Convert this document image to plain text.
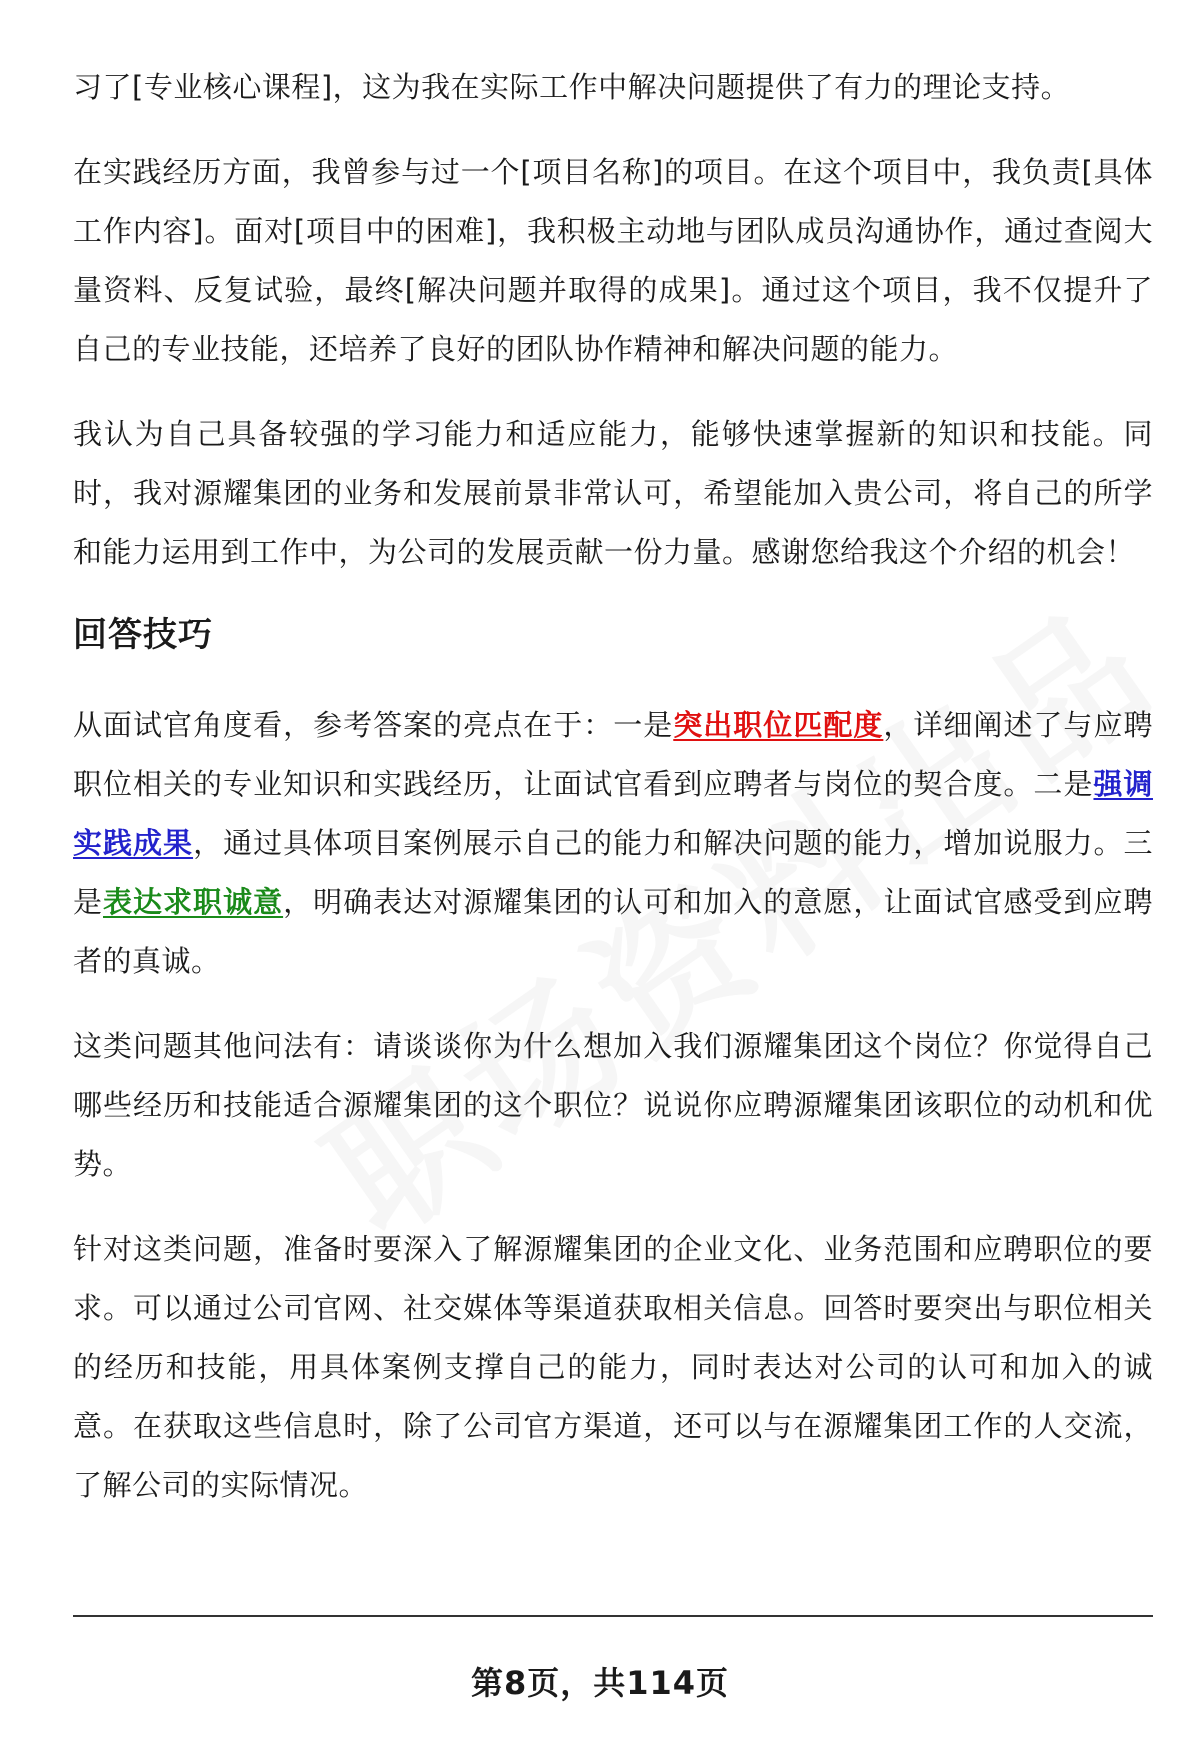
习了[专业核心课程]，这为我在实际工作中解决问题提供了有力的理论支持。

在实践经历方面，我曾参与过一个[项目名称]的项目。在这个项目中，我负责[具体工作内容]。面对[项目中的困难]，我积极主动地与团队成员沟通协作，通过查阅大量资料、反复试验，最终[解决问题并取得的成果]。通过这个项目，我不仅提升了自己的专业技能，还培养了良好的团队协作精神和解决问题的能力。

我认为自己具备较强的学习能力和适应能力，能够快速掌握新的知识和技能。同时，我对源耀集团的业务和发展前景非常认可，希望能加入贵公司，将自己的所学和能力运用到工作中，为公司的发展贡献一份力量。感谢您给我这个介绍的机会！

回答技巧

从面试官角度看，参考答案的亮点在于：一是突出职位匹配度，详细阐述了与应聘职位相关的专业知识和实践经历，让面试官看到应聘者与岗位的契合度。二是强调实践成果，通过具体项目案例展示自己的能力和解决问题的能力，增加说服力。三是表达求职诚意，明确表达对源耀集团的认可和加入的意愿，让面试官感受到应聘者的真诚。

这类问题其他问法有：请谈谈你为什么想加入我们源耀集团这个岗位？你觉得自己哪些经历和技能适合源耀集团的这个职位？说说你应聘源耀集团该职位的动机和优势。

针对这类问题，准备时要深入了解源耀集团的企业文化、业务范围和应聘职位的要求。可以通过公司官网、社交媒体等渠道获取相关信息。回答时要突出与职位相关的经历和技能，用具体案例支撑自己的能力，同时表达对公司的认可和加入的诚意。在获取这些信息时，除了公司官方渠道，还可以与在源耀集团工作的人交流，了解公司的实际情况。

第8页，共114页
